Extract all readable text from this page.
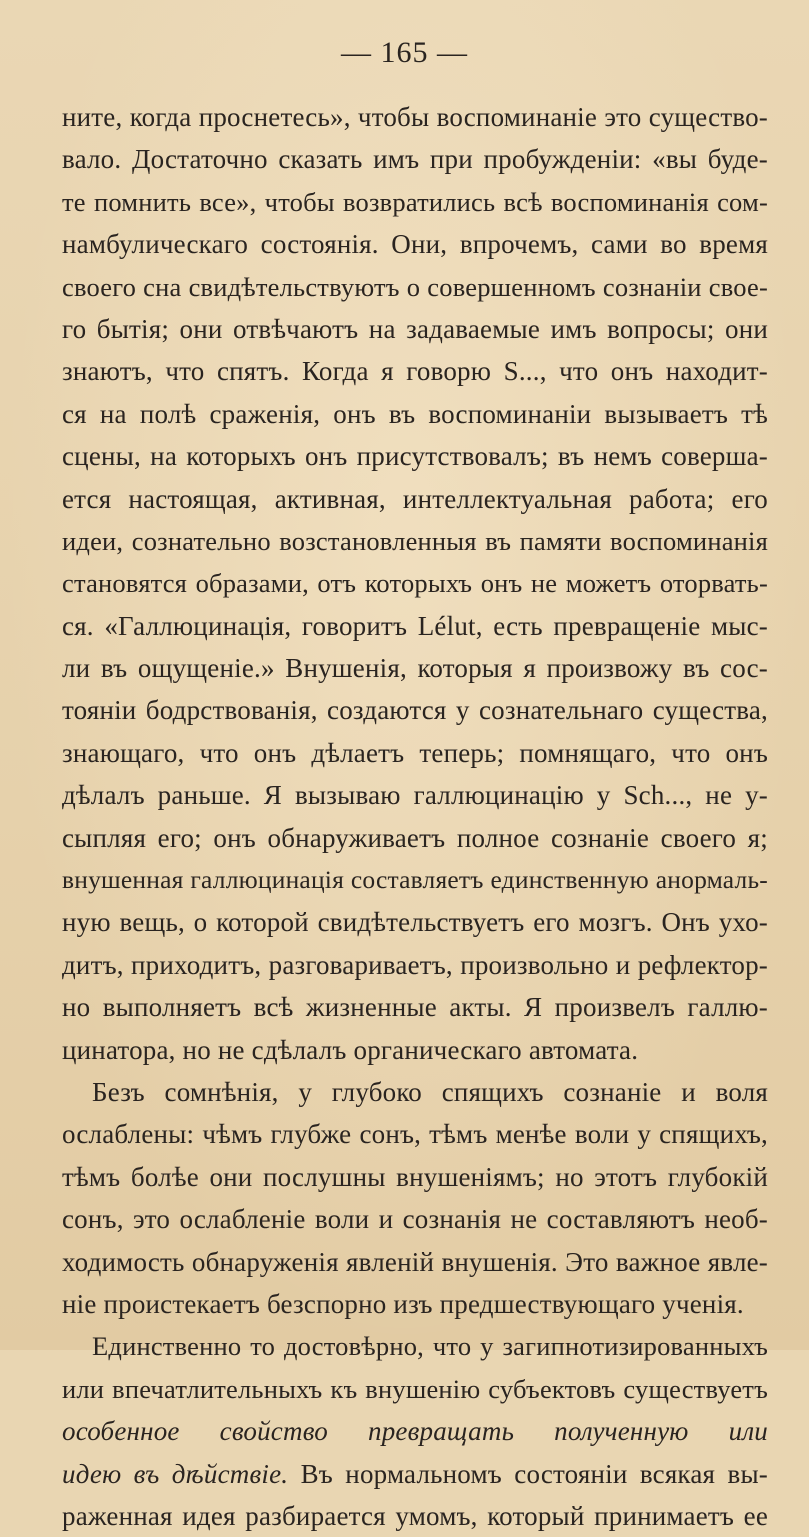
— 165 —
ните, когда проснетесь», чтобы воспоминаніе это существо-
вало. Достаточно сказать имъ при пробужденіи: «вы буде-
те помнить все», чтобы возвратились всѣ воспоминанія сом-
намбулическаго состоянія. Они, впрочемъ, сами во время
своего сна свидѣтельствуютъ о совершенномъ сознаніи свое-
го бытія; они отвѣчаютъ на задаваемые имъ вопросы; они
знаютъ, что спятъ. Когда я говорю S..., что онъ находит-
ся на полѣ сраженія, онъ въ воспоминаніи вызываетъ тѣ
сцены, на которыхъ онъ присутствовалъ; въ немъ соверша-
ется настоящая, активная, интеллектуальная работа; его
идеи, сознательно возстановленныя въ памяти воспоминанія
становятся образами, отъ которыхъ онъ не можетъ оторвать-
ся. «Галлюцинація, говоритъ Lélut, есть превращеніе мыс-
ли въ ощущеніе.» Внушенія, которыя я произвожу въ сос-
тояніи бодрствованія, создаются у сознательнаго существа,
знающаго, что онъ дѣлаетъ теперь; помнящаго, что онъ
дѣлалъ раньше. Я вызываю галлюцинацію у Sch..., не у-
сыпляя его; онъ обнаруживаетъ полное сознаніе своего я;
внушенная галлюцинація составляетъ единственную анормаль-
ную вещь, о которой свидѣтельствуетъ его мозгъ. Онъ ухо-
дитъ, приходитъ, разговариваетъ, произвольно и рефлектор-
но выполняетъ всѣ жизненные акты. Я произвелъ галлю-
цинатора, но не сдѣлалъ органическаго автомата.
Безъ сомнѣнія, у глубоко спящихъ сознаніе и воля
ослаблены: чѣмъ глубже сонъ, тѣмъ менѣе воли у спящихъ,
тѣмъ болѣе они послушны внушеніямъ; но этотъ глубокій
сонъ, это ослабленіе воли и сознанія не составляютъ необ-
ходимость обнаруженія явленій внушенія. Это важное явле-
ніе проистекаетъ безспорно изъ предшествующаго ученія.
Единственно то достовѣрно, что у загипнотизированныхъ
или впечатлительныхъ къ внушенію субъектовъ существуетъ
особенное свойство превращать полученную или
идею въ дѣйствіе. Въ нормальномъ состояніи всякая вы-
раженная идея разбирается умомъ, который принимаетъ ее
